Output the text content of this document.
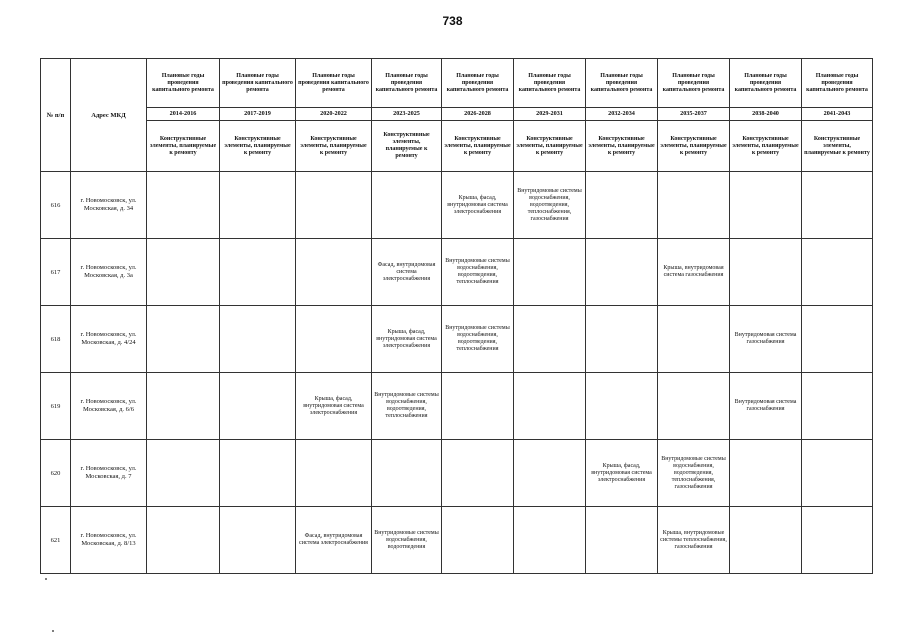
738
№ п/п	Адрес МКД	Плановые годы проведения капитального ремонта	Плановые годы проведения капитального ремонта	Плановые годы проведения капитального ремонта	Плановые годы проведения капитального ремонта	Плановые годы проведения капитального ремонта	Плановые годы проведения капитального ремонта	Плановые годы проведения капитального ремонта	Плановые годы проведения капитального ремонта	Плановые годы проведения капитального ремонта	Плановые годы проведения капитального ремонта
		2014-2016	2017-2019	2020-2022	2023-2025	2026-2028	2029-2031	2032-2034	2035-2037	2038-2040	2041-2043
		Конструктивные элементы, планируемые к ремонту	Конструктивные элементы, планируемые к ремонту	Конструктивные элементы, планируемые к ремонту	Конструктивные элементы, планируемые к ремонту	Конструктивные элементы, планируемые к ремонту	Конструктивные элементы, планируемые к ремонту	Конструктивные элементы, планируемые к ремонту	Конструктивные элементы, планируемые к ремонту	Конструктивные элементы, планируемые к ремонту	Конструктивные элементы, планируемые к ремонту
616	г. Новомосковск, ул. Московская, д. 34					Крыша, фасад, внутридомовая система электроснабжения	Внутридомовые системы водоснабжения, водоотведения, теплоснабжения, газоснабжения				
617	г. Новомосковск, ул. Московская, д. 3а				Фасад, внутридомовая система электроснабжения	Внутридомовые системы водоснабжения, водоотведения, теплоснабжения			Крыша, внутридомовая система газоснабжения		
618	г. Новомосковск, ул. Московская, д. 4/24				Крыша, фасад, внутридомовая система электроснабжения	Внутридомовые системы водоснабжения, водоотведения, теплоснабжения				Внутридомовая система газоснабжения	
619	г. Новомосковск, ул. Московская, д. 6/6			Крыша, фасад, внутридомовая система электроснабжения	Внутридомовые системы водоснабжения, водоотведения, теплоснабжения					Внутридомовая система газоснабжения	
620	г. Новомосковск, ул. Московская, д. 7							Крыша, фасад, внутридомовая система электроснабжения	Внутридомовые системы водоснабжения, водоотведения, теплоснабжения, газоснабжения		
621	г. Новомосковск, ул. Московская, д. 8/13			Фасад, внутридомовая система электроснабжения	Внутридомовые системы водоснабжения, водоотведения				Крыша, внутридомовые системы теплоснабжения, газоснабжения		
